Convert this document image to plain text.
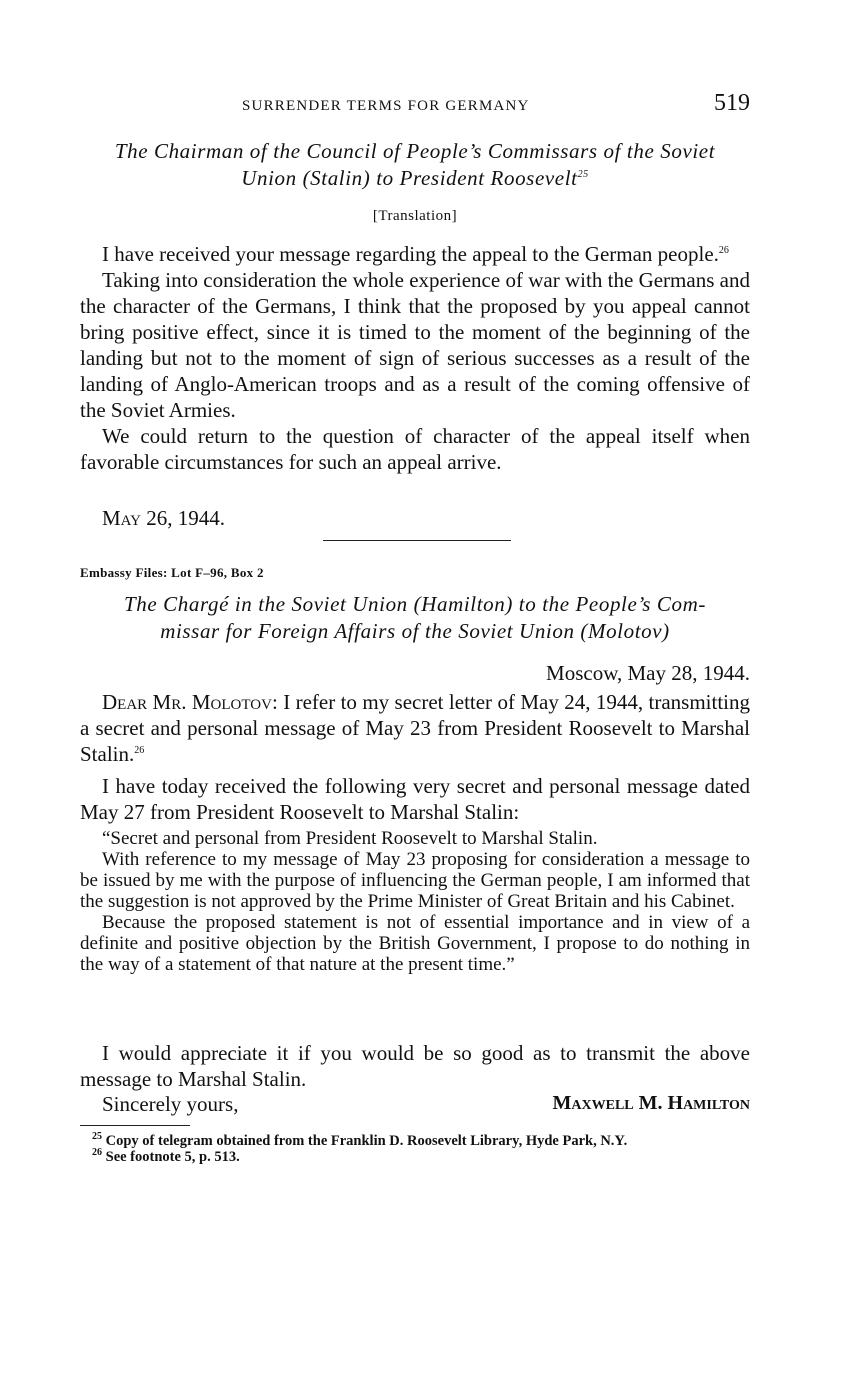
SURRENDER TERMS FOR GERMANY	519

The Chairman of the Council of People’s Commissars of the Soviet

Union (Stalin) to President Roosevelt$^{25}$

[Translation]

I have received your message regarding the appeal to the German people.$^{26}$

Taking into consideration the whole experience of war with the Germans and the character of the Germans, I think that the proposed by you appeal cannot bring positive effect, since it is timed to the moment of the beginning of the landing but not to the moment of sign of serious successes as a result of the landing of Anglo-American troops and as a result of the coming offensive of the Soviet Armies.

We could return to the question of character of the appeal itself when favorable circumstances for such an appeal arrive.

May 26, 1944.
Embassy Files: Lot F–96, Box 2

The Chargé in the Soviet Union (Hamilton) to the People’s Com-

missar for Foreign Affairs of the Soviet Union (Molotov)

Moscow, May 28, 1944.

Dear Mr. Molotov: I refer to my secret letter of May 24, 1944, transmitting a secret and personal message of May 23 from President Roosevelt to Marshal Stalin.$^{26}$

I have today received the following very secret and personal message dated May 27 from President Roosevelt to Marshal Stalin:

“Secret and personal from President Roosevelt to Marshal Stalin.

With reference to my message of May 23 proposing for consideration a message to be issued by me with the purpose of influencing the German people, I am informed that the suggestion is not approved by the Prime Minister of Great Britain and his Cabinet.

Because the proposed statement is not of essential importance and in view of a definite and positive objection by the British Government, I propose to do nothing in the way of a statement of that nature at the present time.”

I would appreciate it if you would be so good as to transmit the above message to Marshal Stalin.

Sincerely yours,	Maxwell M. Hamilton

$^{25}$ Copy of telegram obtained from the Franklin D. Roosevelt Library, Hyde Park, N.Y.

$^{26}$ See footnote 5, p. 513.
